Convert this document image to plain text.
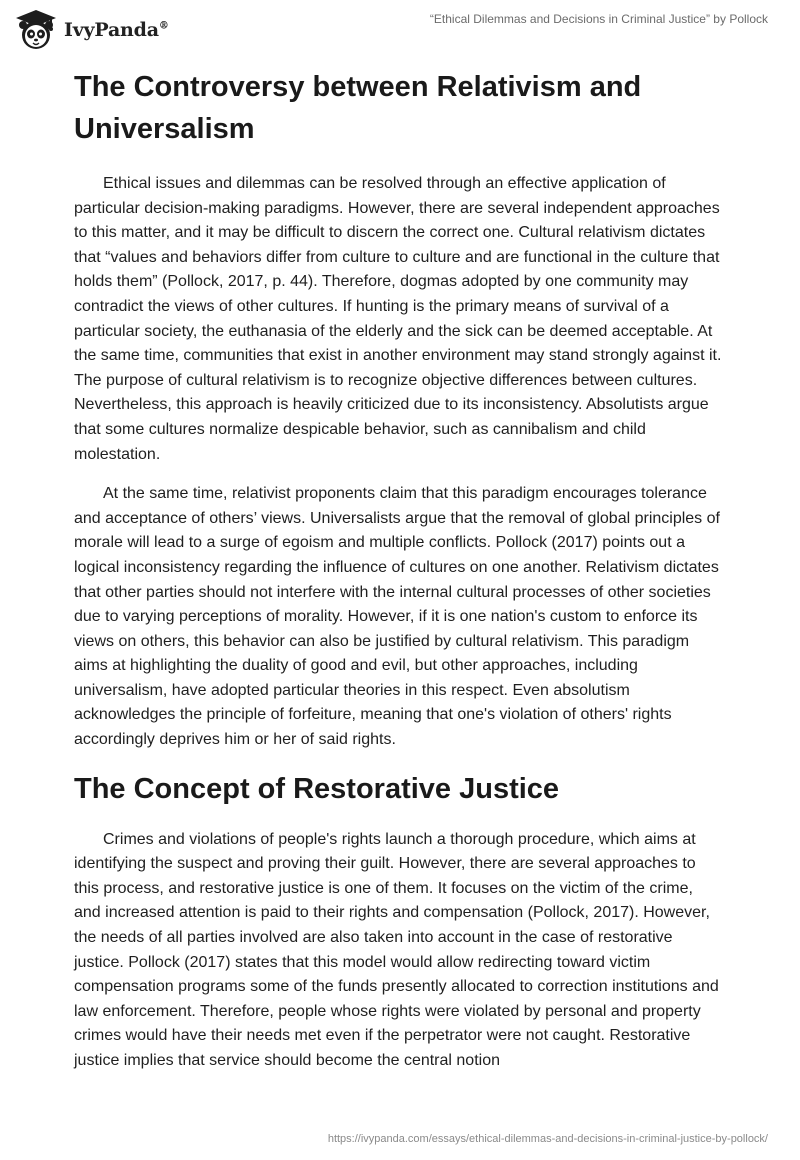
IvyPanda®
“Ethical Dilemmas and Decisions in Criminal Justice” by Pollock
The Controversy between Relativism and Universalism

Ethical issues and dilemmas can be resolved through an effective application of particular decision-making paradigms. However, there are several independent approaches to this matter, and it may be difficult to discern the correct one. Cultural relativism dictates that “values and behaviors differ from culture to culture and are functional in the culture that holds them” (Pollock, 2017, p. 44). Therefore, dogmas adopted by one community may contradict the views of other cultures. If hunting is the primary means of survival of a particular society, the euthanasia of the elderly and the sick can be deemed acceptable. At the same time, communities that exist in another environment may stand strongly against it. The purpose of cultural relativism is to recognize objective differences between cultures. Nevertheless, this approach is heavily criticized due to its inconsistency. Absolutists argue that some cultures normalize despicable behavior, such as cannibalism and child molestation.

At the same time, relativist proponents claim that this paradigm encourages tolerance and acceptance of others’ views. Universalists argue that the removal of global principles of morale will lead to a surge of egoism and multiple conflicts. Pollock (2017) points out a logical inconsistency regarding the influence of cultures on one another. Relativism dictates that other parties should not interfere with the internal cultural processes of other societies due to varying perceptions of morality. However, if it is one nation's custom to enforce its views on others, this behavior can also be justified by cultural relativism. This paradigm aims at highlighting the duality of good and evil, but other approaches, including universalism, have adopted particular theories in this respect. Even absolutism acknowledges the principle of forfeiture, meaning that one's violation of others' rights accordingly deprives him or her of said rights.

The Concept of Restorative Justice

Crimes and violations of people's rights launch a thorough procedure, which aims at identifying the suspect and proving their guilt. However, there are several approaches to this process, and restorative justice is one of them. It focuses on the victim of the crime, and increased attention is paid to their rights and compensation (Pollock, 2017). However, the needs of all parties involved are also taken into account in the case of restorative justice. Pollock (2017) states that this model would allow redirecting toward victim compensation programs some of the funds presently allocated to correction institutions and law enforcement. Therefore, people whose rights were violated by personal and property crimes would have their needs met even if the perpetrator were not caught. Restorative justice implies that service should become the central notion

https://ivypanda.com/essays/ethical-dilemmas-and-decisions-in-criminal-justice-by-pollock/
